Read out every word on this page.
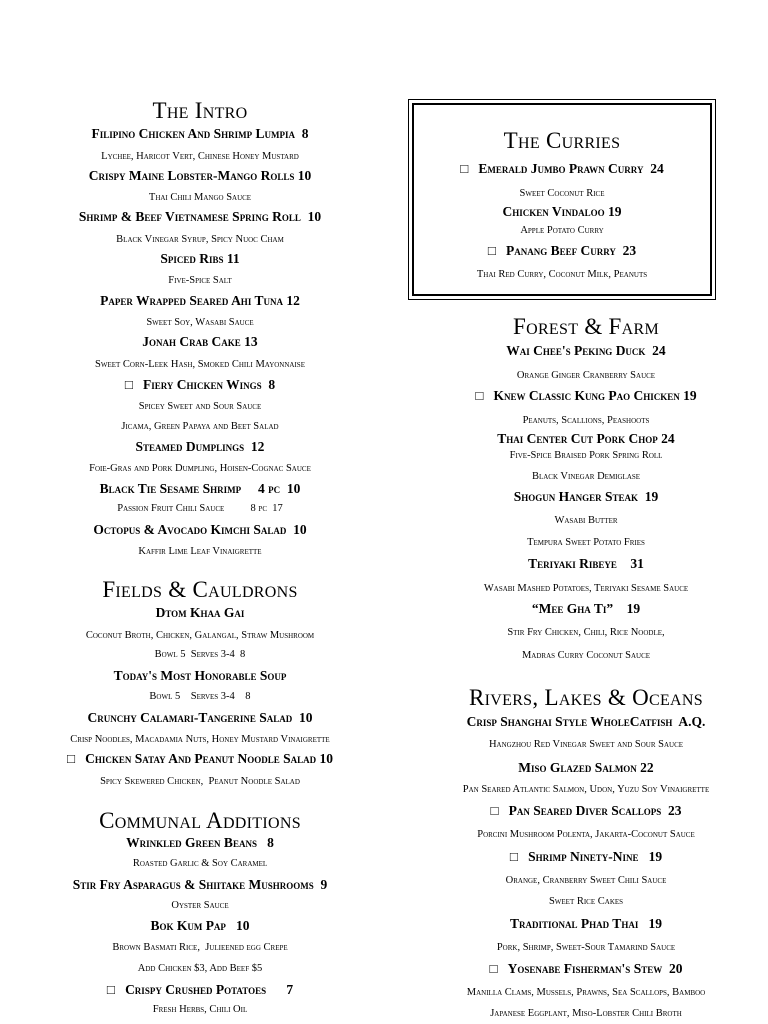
The Intro
Filipino Chicken And Shrimp Lumpia  8
Lychee, Haricot Vert, Chinese Honey Mustard
Crispy Maine Lobster-Mango Rolls 10
Thai Chili Mango Sauce
Shrimp & Beef Vietnamese Spring Roll  10
Black Vinegar Syrup, Spicy Nuoc Cham
Spiced Ribs 11
Five-Spice Salt
Paper Wrapped Seared Ahi Tuna 12
Sweet Soy, Wasabi Sauce
Jonah Crab Cake 13
Sweet Corn-Leek Hash, Smoked Chili Mayonnaise
□ Fiery Chicken Wings  8
Spicey Sweet and Sour Sauce
Jicama, Green Papaya and Beet Salad
Steamed Dumplings  12
Foie-Gras and Pork Dumpling, Hoisen-Cognac Sauce
Black Tie Sesame Shrimp     4 pc  10
Passion Fruit Chili Sauce          8 pc  17
Octopus & Avocado Kimchi Salad  10
Kaffir Lime Leaf Vinaigrette
Fields & Cauldrons
Dtom Khaa Gai
Coconut Broth, Chicken, Galangal, Straw Mushroom
Bowl 5  Serves 3-4  8
Today's Most Honorable Soup
Bowl 5    Serves 3-4    8
Crunchy Calamari-Tangerine Salad  10
Crisp Noodles, Macadamia Nuts, Honey Mustard Vinaigrette
□ Chicken Satay And Peanut Noodle Salad 10
Spicy Skewered Chicken,  Peanut Noodle Salad
Communal Additions
Wrinkled Green Beans   8
Roasted Garlic & Soy Caramel
Stir Fry Asparagus & Shiitake Mushrooms  9
Oyster Sauce
Bok Kum Pap   10
Brown Basmati Rice,  Julieened egg Crepe
Add Chicken $3, Add Beef $5
□ Crispy Crushed Potatoes      7
Fresh Herbs, Chili Oil
The Curries
□ Emerald Jumbo Prawn Curry  24
Sweet Coconut Rice
Chicken Vindaloo 19
Apple Potato Curry
□ Panang Beef Curry  23
Thai Red Curry, Coconut Milk, Peanuts
Forest & Farm
Wai Chee's Peking Duck  24
Orange Ginger Cranberry Sauce
□ Knew Classic Kung Pao Chicken 19
Peanuts, Scallions, Peashoots
Thai Center Cut Pork Chop 24
Five-Spice Braised Pork Spring Roll
Black Vinegar Demiglase
Shogun Hanger Steak  19
Wasabi Butter
Tempura Sweet Potato Fries
Teriyaki Ribeye    31
Wasabi Mashed Potatoes, Teriyaki Sesame Sauce
“Mee Gha Ti”    19
Stir Fry Chicken, Chili, Rice Noodle,
Madras Curry Coconut Sauce
Rivers, Lakes & Oceans
Crisp Shanghai Style WholeCatfish  A.Q.
Hangzhou Red Vinegar Sweet and Sour Sauce
Miso Glazed Salmon 22
Pan Seared Atlantic Salmon, Udon, Yuzu Soy Vinaigrette
□ Pan Seared Diver Scallops  23
Porcini Mushroom Polenta, Jakarta-Coconut Sauce
□ Shrimp Ninety-Nine   19
Orange, Cranberry Sweet Chili Sauce
Sweet Rice Cakes
Traditional Phad Thai   19
Pork, Shrimp, Sweet-Sour Tamarind Sauce
□ Yosenabe Fisherman's Stew  20
Manilla Clams, Mussels, Prawns, Sea Scallops, Bamboo
Japanese Eggplant, Miso-Lobster Chili Broth
